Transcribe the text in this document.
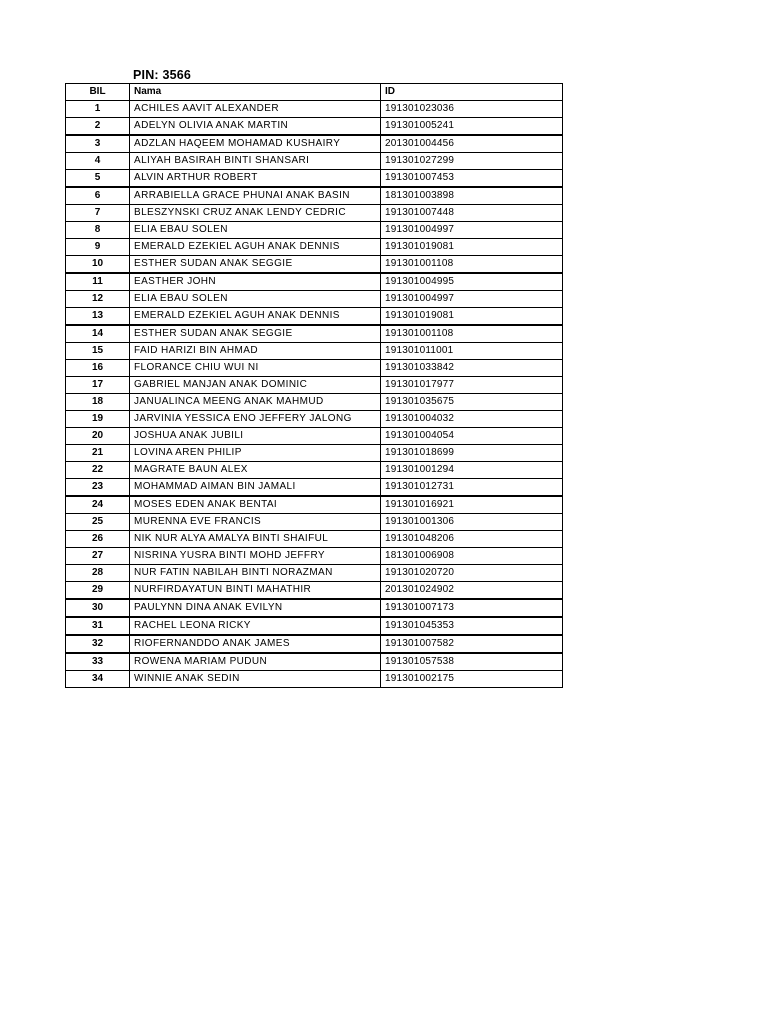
PIN: 3566
BIL	Nama	ID
1	ACHILES AAVIT ALEXANDER	191301023036
2	ADELYN OLIVIA ANAK MARTIN	191301005241
3	ADZLAN HAQEEM MOHAMAD KUSHAIRY	201301004456
4	ALIYAH BASIRAH BINTI SHANSARI	191301027299
5	ALVIN ARTHUR ROBERT	191301007453
6	ARRABIELLA GRACE PHUNAI ANAK BASIN	181301003898
7	BLESZYNSKI CRUZ ANAK LENDY CEDRIC	191301007448
8	ELIA EBAU SOLEN	191301004997
9	EMERALD EZEKIEL AGUH ANAK DENNIS	191301019081
10	ESTHER SUDAN ANAK SEGGIE	191301001108
11	EASTHER JOHN	191301004995
12	ELIA EBAU SOLEN	191301004997
13	EMERALD EZEKIEL AGUH ANAK DENNIS	191301019081
14	ESTHER SUDAN ANAK SEGGIE	191301001108
15	FAID HARIZI BIN AHMAD	191301011001
16	FLORANCE CHIU WUI NI	191301033842
17	GABRIEL MANJAN ANAK DOMINIC	191301017977
18	JANUALINCA MEENG ANAK MAHMUD	191301035675
19	JARVINIA YESSICA ENO JEFFERY JALONG	191301004032
20	JOSHUA ANAK JUBILI	191301004054
21	LOVINA AREN PHILIP	191301018699
22	MAGRATE BAUN ALEX	191301001294
23	MOHAMMAD AIMAN BIN JAMALI	191301012731
24	MOSES EDEN ANAK BENTAI	191301016921
25	MURENNA EVE FRANCIS	191301001306
26	NIK NUR ALYA AMALYA BINTI SHAIFUL	191301048206
27	NISRINA YUSRA BINTI MOHD JEFFRY	181301006908
28	NUR FATIN NABILAH BINTI NORAZMAN	191301020720
29	NURFIRDAYATUN BINTI MAHATHIR	201301024902
30	PAULYNN DINA ANAK EVILYN	191301007173
31	RACHEL LEONA RICKY	191301045353
32	RIOFERNANDDO ANAK JAMES	191301007582
33	ROWENA MARIAM PUDUN	191301057538
34	WINNIE ANAK SEDIN	191301002175
